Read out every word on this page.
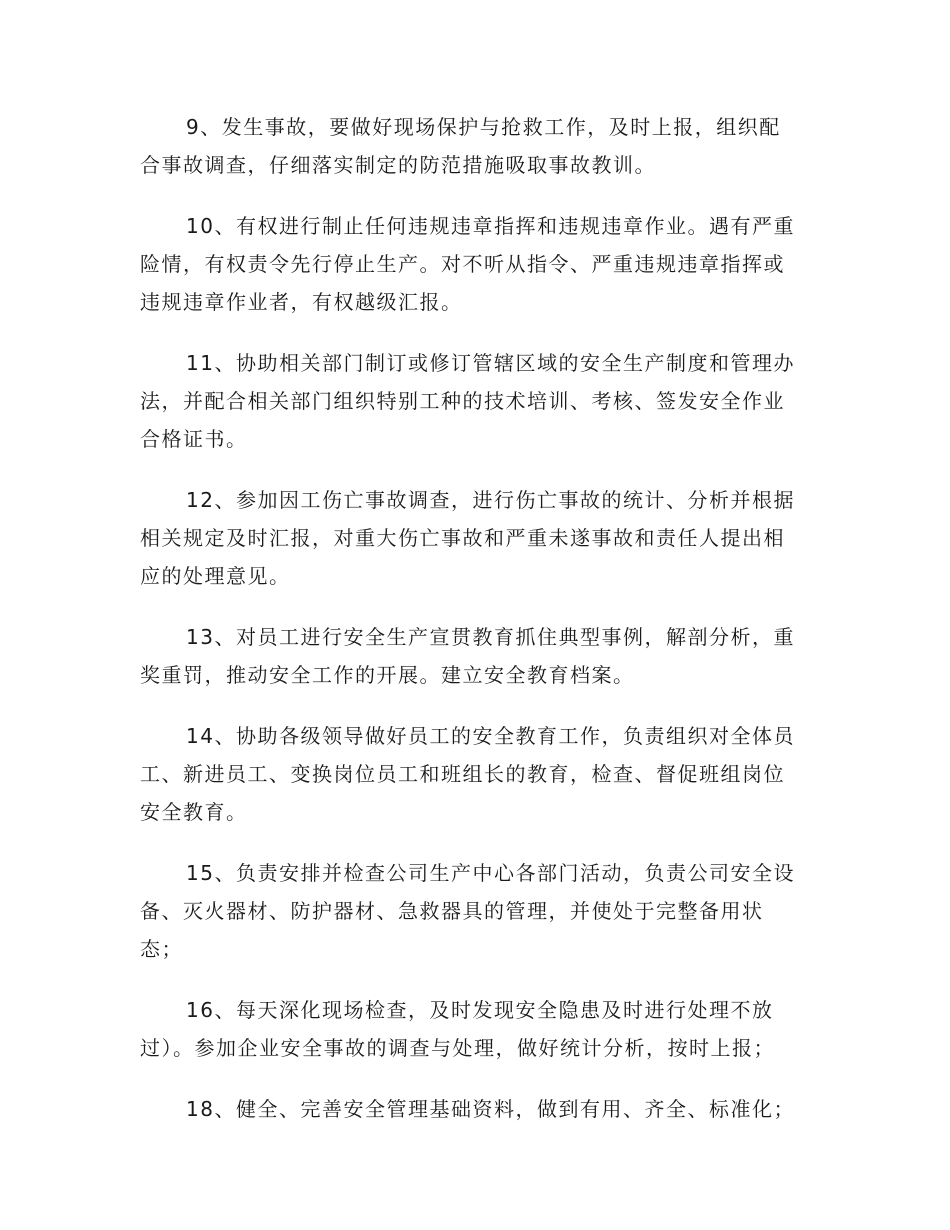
9、发生事故，要做好现场保护与抢救工作，及时上报，组织配合事故调查，仔细落实制定的防范措施吸取事故教训。

10、有权进行制止任何违规违章指挥和违规违章作业。遇有严重险情，有权责令先行停止生产。对不听从指令、严重违规违章指挥或违规违章作业者，有权越级汇报。

11、协助相关部门制订或修订管辖区域的安全生产制度和管理办法，并配合相关部门组织特别工种的技术培训、考核、签发安全作业合格证书。

12、参加因工伤亡事故调查，进行伤亡事故的统计、分析并根据相关规定及时汇报，对重大伤亡事故和严重未遂事故和责任人提出相应的处理意见。

13、对员工进行安全生产宣贯教育抓住典型事例，解剖分析，重奖重罚，推动安全工作的开展。建立安全教育档案。

14、协助各级领导做好员工的安全教育工作，负责组织对全体员工、新进员工、变换岗位员工和班组长的教育，检查、督促班组岗位安全教育。

15、负责安排并检查公司生产中心各部门活动，负责公司安全设备、灭火器材、防护器材、急救器具的管理，并使处于完整备用状态；

16、每天深化现场检查，及时发现安全隐患及时进行处理不放过）。参加企业安全事故的调查与处理，做好统计分析，按时上报；

18、健全、完善安全管理基础资料，做到有用、齐全、标准化；
